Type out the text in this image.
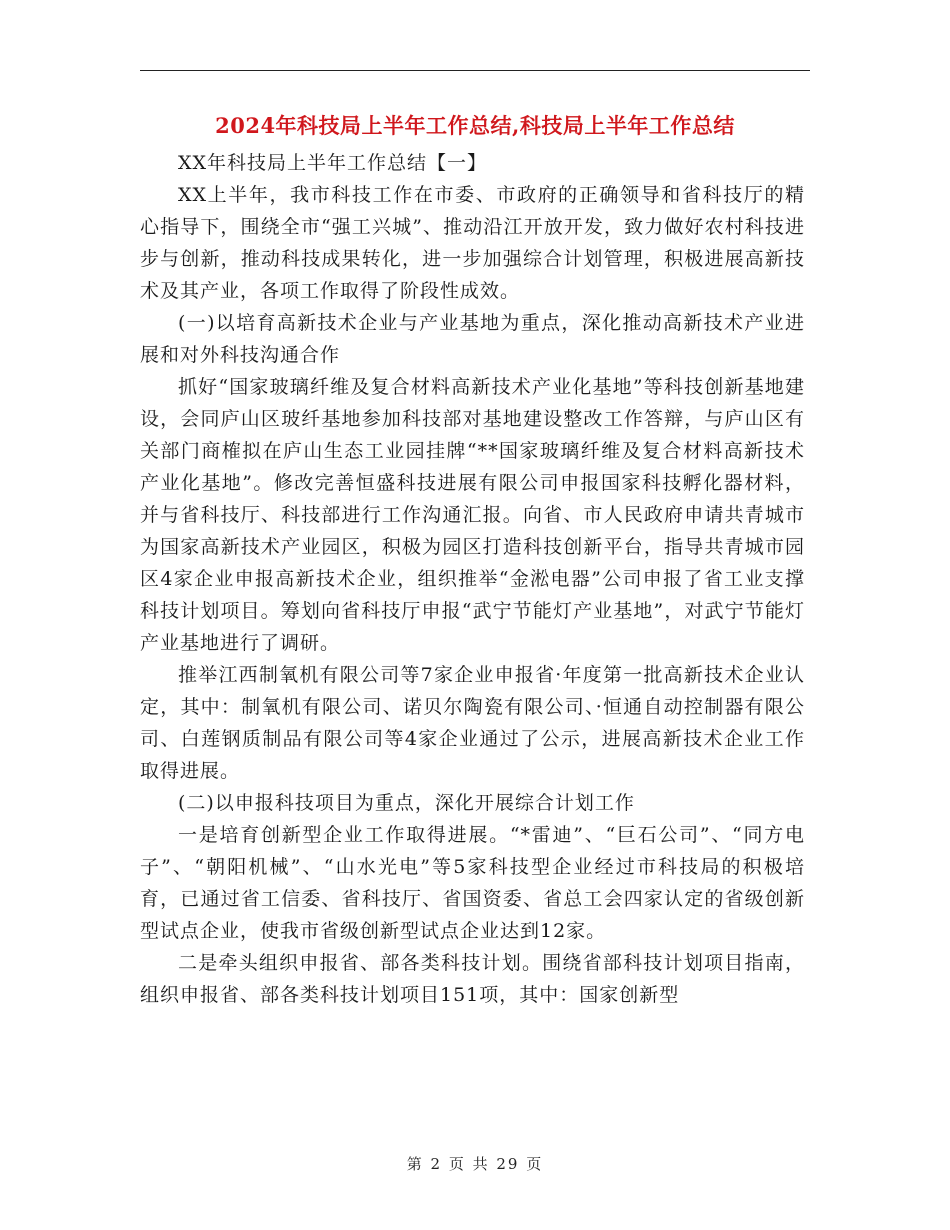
2024年科技局上半年工作总结,科技局上半年工作总结

XX年科技局上半年工作总结【一】

XX上半年，我市科技工作在市委、市政府的正确领导和省科技厅的精心指导下，围绕全市“强工兴城”、推动沿江开放开发，致力做好农村科技进步与创新，推动科技成果转化，进一步加强综合计划管理，积极进展高新技术及其产业，各项工作取得了阶段性成效。

(一)以培育高新技术企业与产业基地为重点，深化推动高新技术产业进展和对外科技沟通合作

抓好“国家玻璃纤维及复合材料高新技术产业化基地”等科技创新基地建设，会同庐山区玻纤基地参加科技部对基地建设整改工作答辩，与庐山区有关部门商榷拟在庐山生态工业园挂牌“**国家玻璃纤维及复合材料高新技术产业化基地”。修改完善恒盛科技进展有限公司申报国家科技孵化器材料，并与省科技厅、科技部进行工作沟通汇报。向省、市人民政府申请共青城市为国家高新技术产业园区，积极为园区打造科技创新平台，指导共青城市园区4家企业申报高新技术企业，组织推举“金淞电器”公司申报了省工业支撑科技计划项目。筹划向省科技厅申报“武宁节能灯产业基地”，对武宁节能灯产业基地进行了调研。

推举江西制氧机有限公司等7家企业申报省·年度第一批高新技术企业认定，其中：制氧机有限公司、诺贝尔陶瓷有限公司、·恒通自动控制器有限公司、白莲钢质制品有限公司等4家企业通过了公示，进展高新技术企业工作取得进展。

(二)以申报科技项目为重点，深化开展综合计划工作

一是培育创新型企业工作取得进展。“*雷迪”、“巨石公司”、“同方电子”、“朝阳机械”、“山水光电”等5家科技型企业经过市科技局的积极培育，已通过省工信委、省科技厅、省国资委、省总工会四家认定的省级创新型试点企业，使我市省级创新型试点企业达到12家。

二是牵头组织申报省、部各类科技计划。围绕省部科技计划项目指南，组织申报省、部各类科技计划项目151项，其中：国家创新型

第 2 页 共 29 页
